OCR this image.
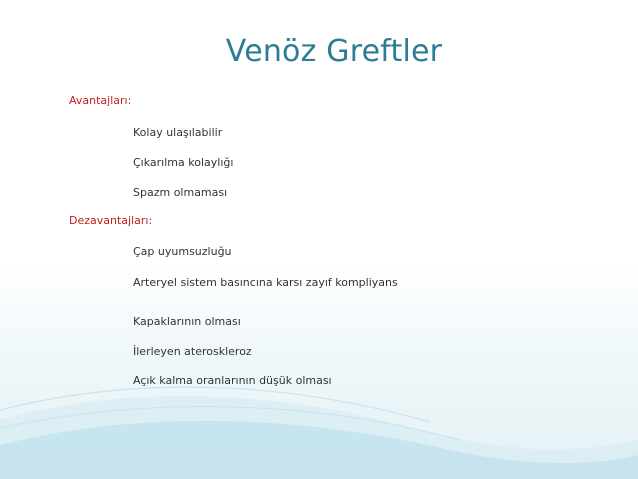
Venöz Greftler
Avantajları:
Kolay ulaşılabilir
Çıkarılma kolaylığı
Spazm olmaması
Dezavantajları:
Çap uyumsuzluğu
Arteryel sistem basıncına karsı zayıf kompliyans
Kapaklarının olması
İlerleyen ateroskleroz
Açık kalma oranlarının düşük olması
